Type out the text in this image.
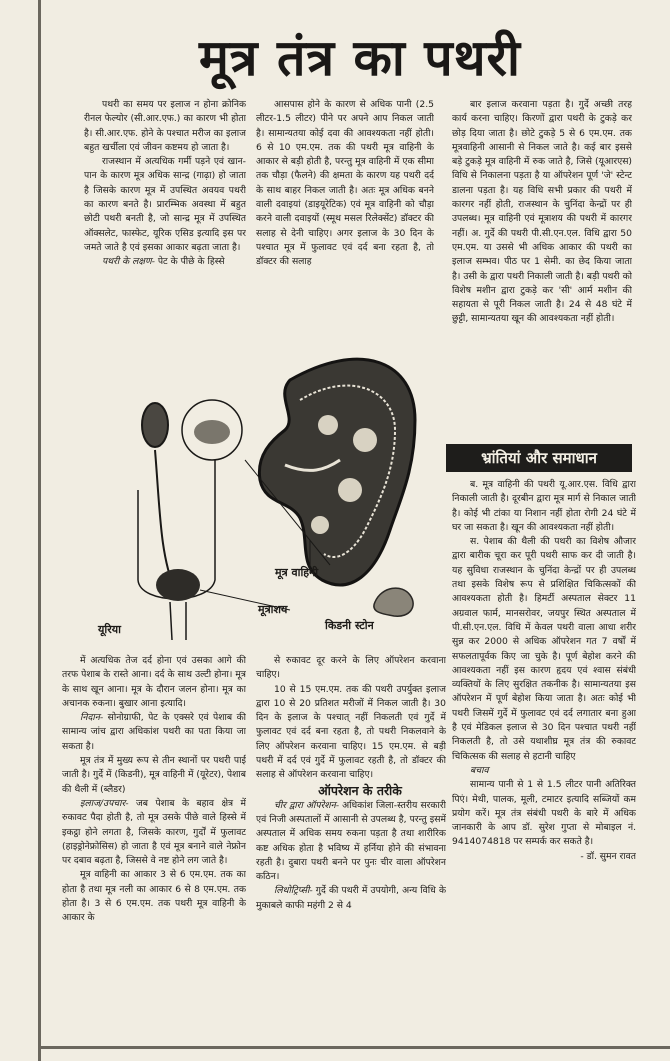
मूत्र तंत्र का पथरी

पथरी का समय पर इलाज न होना क्रोनिक रीनल फेल्योर (सी.आर.एफ.) का कारण भी होता है। सी.आर.एफ. होने के पश्चात मरीज का इलाज बहुत खर्चीला एवं जीवन कष्टमय हो जाता है।

राजस्थान में अत्यधिक गर्मी पड़ने एवं खान-पान के कारण मूत्र अधिक सान्द्र (गाढ़ा) हो जाता है जिसके कारण मूत्र में उपस्थित अवयव पथरी का कारण बनते है। प्रारम्भिक अवस्था में बहुत छोटी पथरी बनती है, जो सान्द्र मूत्र में उपस्थित ऑक्सलेट, फास्फेट, यूरिक एसिड इत्यादि इस पर जमते जाते है एवं इसका आकार बढ़ता जाता है।

पथरी के लक्षण- पेट के पीछे के हिस्से

आसपास होने के कारण से अधिक पानी (2.5 लीटर-1.5 लीटर) पीने पर अपने आप निकल जाती है। सामान्यतया कोई दवा की आवश्यकता नहीं होती। 6 से 10 एम.एम. तक की पथरी मूत्र वाहिनी के आकार से बड़ी होती है, परन्तु मूत्र वाहिनी में एक सीमा तक चौड़ा (फैलने) की क्षमता के कारण यह पथरी दर्द के साथ बाहर निकल जाती है। अतः मूत्र अधिक बनने वाली दवाइयां (डाइयूरेटिक) एवं मूत्र वाहिनी को चौड़ा करने वाली दवाइयों (स्मूथ मसल रिलेक्सेंट) डॉक्टर की सलाह से देनी चाहिए। अगर इलाज के 30 दिन के पश्चात मूत्र में फुलावट एवं दर्द बना रहता है, तो डॉक्टर की सलाह

बार इलाज करवाना पड़ता है। गुर्दे अच्छी तरह कार्य करना चाहिए। किरणों द्वारा पथरी के टुकड़े कर छोड़ दिया जाता है। छोटे टुकड़े 5 से 6 एम.एम. तक मूत्रवाहिनी आसानी से निकल जाते है। कई बार इससे बड़े टुकड़े मूत्र वाहिनी में रुक जाते है, जिसे (यूआरएस) विधि से निकालना पड़ता है या ऑपरेशन पूर्ण 'जे' स्टेन्ट डालना पड़ता है। यह विधि सभी प्रकार की पथरी में कारगर नहीं होती, राजस्थान के चुनिंदा केन्द्रों पर ही उपलब्ध। मूत्र वाहिनी एवं मूत्राशय की पथरी में कारगर नहीं। अ. गुर्दे की पथरी पी.सी.एन.एल. विधि द्वारा 50 एम.एम. या उससे भी अधिक आकार की पथरी का इलाज सम्भव। पीठ पर 1 सेमी. का छेद किया जाता है। उसी के द्वारा पथरी निकाली जाती है। बड़ी पथरी को विशेष मशीन द्वारा टुकड़े कर 'सी' आर्म मशीन की सहायता से पूरी निकल जाती है। 24 से 48 घंटे में छुट्टी, सामान्यतया खून की आवश्यकता नहीं होती।

भ्रांतियां और समाधान
मूत्र वाहिनी
मूत्राशय
किडनी स्टोन
यूरिया

में अत्यधिक तेज दर्द होना एवं उसका आगे की तरफ पेशाब के रास्ते आना। दर्द के साथ उल्टी होना। मूत्र के साथ खून आना। मूत्र के दौरान जलन होना। मूत्र का अचानक रुकना। बुखार आना इत्यादि।

निदान- सोनोग्राफी, पेट के एक्सरे एवं पेशाब की सामान्य जांच द्वारा अधिकांश पथरी का पता किया जा सकता है।

मूत्र तंत्र में मुख्य रूप से तीन स्थानों पर पथरी पाई जाती है। गुर्दे में (किडनी), मूत्र वाहिनी में (यूरेटर), पेशाब की थैली में (ब्लैडर)

इलाज/उपचार- जब पेशाब के बहाव क्षेत्र में रुकावट पैदा होती है, तो मूत्र उसके पीछे वाले हिस्से में इकट्ठा होने लगता है, जिसके कारण, गुर्दों में फुलावट (हाइड्रोनेफ्रोसिस) हो जाता है एवं मूत्र बनाने वाले नेफ्रोन पर दबाव बढ़ता है, जिससे वे नष्ट होने लग जाते है।

मूत्र वाहिनी का आकार 3 से 6 एम.एम. तक का होता है तथा मूत्र नली का आकार 6 से 8 एम.एम. तक होता है। 3 से 6 एम.एम. तक पथरी मूत्र वाहिनी के आकार के

से रुकावट दूर करने के लिए ऑपरेशन करवाना चाहिए।

10 से 15 एम.एम. तक की पथरी उपर्युक्त इलाज द्वारा 10 से 20 प्रतिशत मरीजों में निकल जाती है। 30 दिन के इलाज के पश्चात् नहीं निकलती एवं गुर्दे में फुलावट एवं दर्द बना रहता है, तो पथरी निकलवाने के लिए ऑपरेशन करवाना चाहिए। 15 एम.एम. से बड़ी पथरी में दर्द एवं गुर्दे में फुलावट रहती है, तो डॉक्टर की सलाह से ऑपरेशन करवाना चाहिए।

ऑपरेशन के तरीके

चीर द्वारा ऑपरेशन- अधिकांश जिला-स्तरीय सरकारी एवं निजी अस्पतालों में आसानी से उपलब्ध है, परन्तु इसमें अस्पताल में अधिक समय रुकना पड़ता है तथा शारीरिक कष्ट अधिक होता है भविष्य में हर्निया होने की संभावना रहती है। दुबारा पथरी बनने पर पुनः चीर वाला ऑपरेशन कठिन।

लिथोट्रिप्सी- गुर्दे की पथरी में उपयोगी, अन्य विधि के मुकाबले काफी महंगी 2 से 4

ब. मूत्र वाहिनी की पथरी यू.आर.एस. विधि द्वारा निकाली जाती है। दूरबीन द्वारा मूत्र मार्ग से निकाल जाती है। कोई भी टांका या निशान नहीं होता रोगी 24 घंटे में घर जा सकता है। खून की आवश्यकता नहीं होती।

स. पेशाब की थैली की पथरी का विशेष औजार द्वारा बारीक चूरा कर पूरी पथरी साफ कर दी जाती है। यह सुविधा राजस्थान के चुनिंदा केन्द्रों पर ही उपलब्ध तथा इसके विशेष रूप से प्रशिक्षित चिकित्सकों की आवश्यकता होती है। हिमर्टी अस्पताल सेक्टर 11 अग्रवाल फार्म, मानसरोवर, जयपुर स्थित अस्पताल में पी.सी.एन.एल. विधि में केवल पथरी वाला आधा शरीर सुन्न कर 2000 से अधिक ऑपरेशन गत 7 वर्षों में सफलतापूर्वक किए जा चुके है। पूर्ण बेहोश करने की आवश्यकता नहीं इस कारण हृदय एवं श्वास संबंधी व्यक्तियों के लिए सुरक्षित तकनीक है। सामान्यतया इस ऑपरेशन में पूर्ण बेहोश किया जाता है। अतः कोई भी पथरी जिसमें गुर्दे में फुलावट एवं दर्द लगातार बना हुआ है एवं मेडिकल इलाज से 30 दिन पश्चात पथरी नहीं निकलती है, तो उसे यथाशीघ्र मूत्र तंत्र की रुकावट चिकित्सक की सलाह से हटानी चाहिए

बचाव

सामान्य पानी से 1 से 1.5 लीटर पानी अतिरिक्त पिएं। मेथी, पालक, मूली, टमाटर इत्यादि सब्जियों कम प्रयोग करें। मूत्र तंत्र संबंधी पथरी के बारे में अधिक जानकारी के आप डॉ. सुरेश गुप्ता से मोबाइल नं. 9414074818 पर सम्पर्क कर सकते है।

- डॉ. सुमन रावत
